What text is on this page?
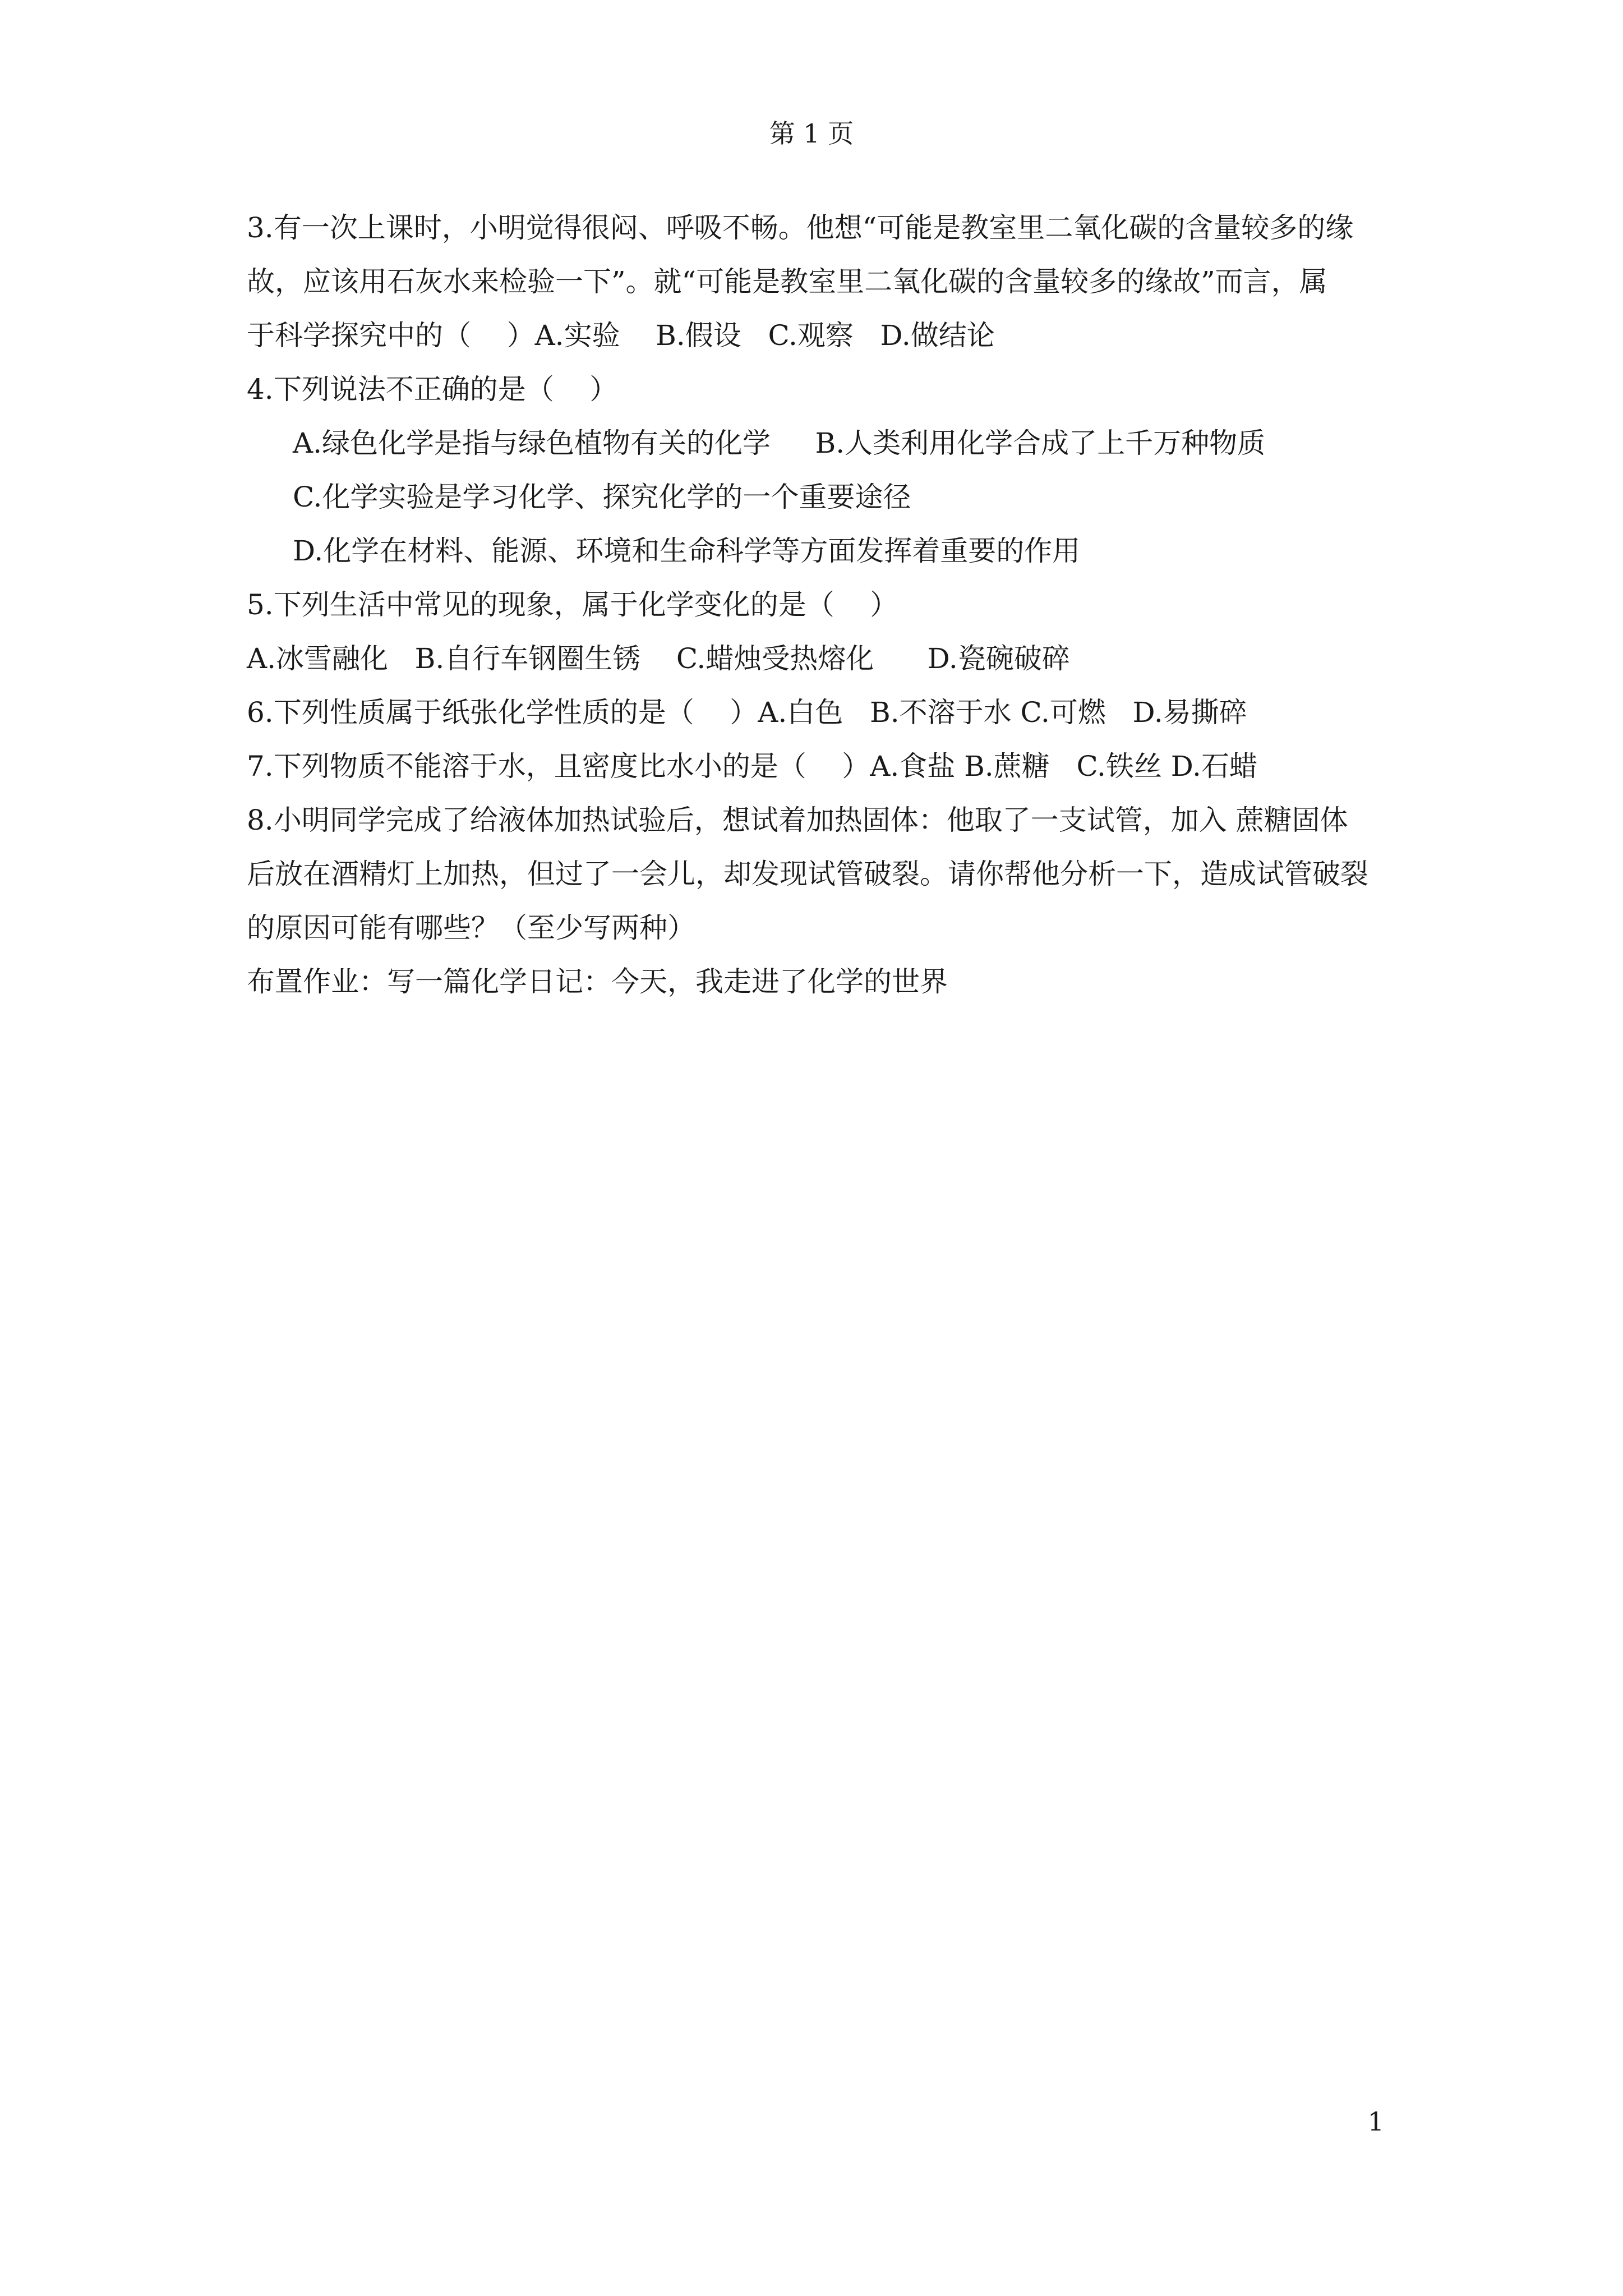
第 1 页

3.有一次上课时，小明觉得很闷、呼吸不畅。他想“可能是教室里二氧化碳的含量较多的缘

故，应该用石灰水来检验一下”。就“可能是教室里二氧化碳的含量较多的缘故”而言，属

于科学探究中的（    ）A.实验    B.假设   C.观察   D.做结论

4.下列说法不正确的是（    ）

A.绿色化学是指与绿色植物有关的化学     B.人类利用化学合成了上千万种物质

C.化学实验是学习化学、探究化学的一个重要途径

D.化学在材料、能源、环境和生命科学等方面发挥着重要的作用

5.下列生活中常见的现象，属于化学变化的是（    ）

A.冰雪融化   B.自行车钢圈生锈    C.蜡烛受热熔化      D.瓷碗破碎

6.下列性质属于纸张化学性质的是（    ）A.白色   B.不溶于水 C.可燃   D.易撕碎

7.下列物质不能溶于水，且密度比水小的是（    ）A.食盐 B.蔗糖   C.铁丝 D.石蜡

8.小明同学完成了给液体加热试验后，想试着加热固体：他取了一支试管，加入 蔗糖固体

后放在酒精灯上加热，但过了一会儿，却发现试管破裂。请你帮他分析一下，造成试管破裂

的原因可能有哪些？（至少写两种）

布置作业：写一篇化学日记：今天，我走进了化学的世界

1
